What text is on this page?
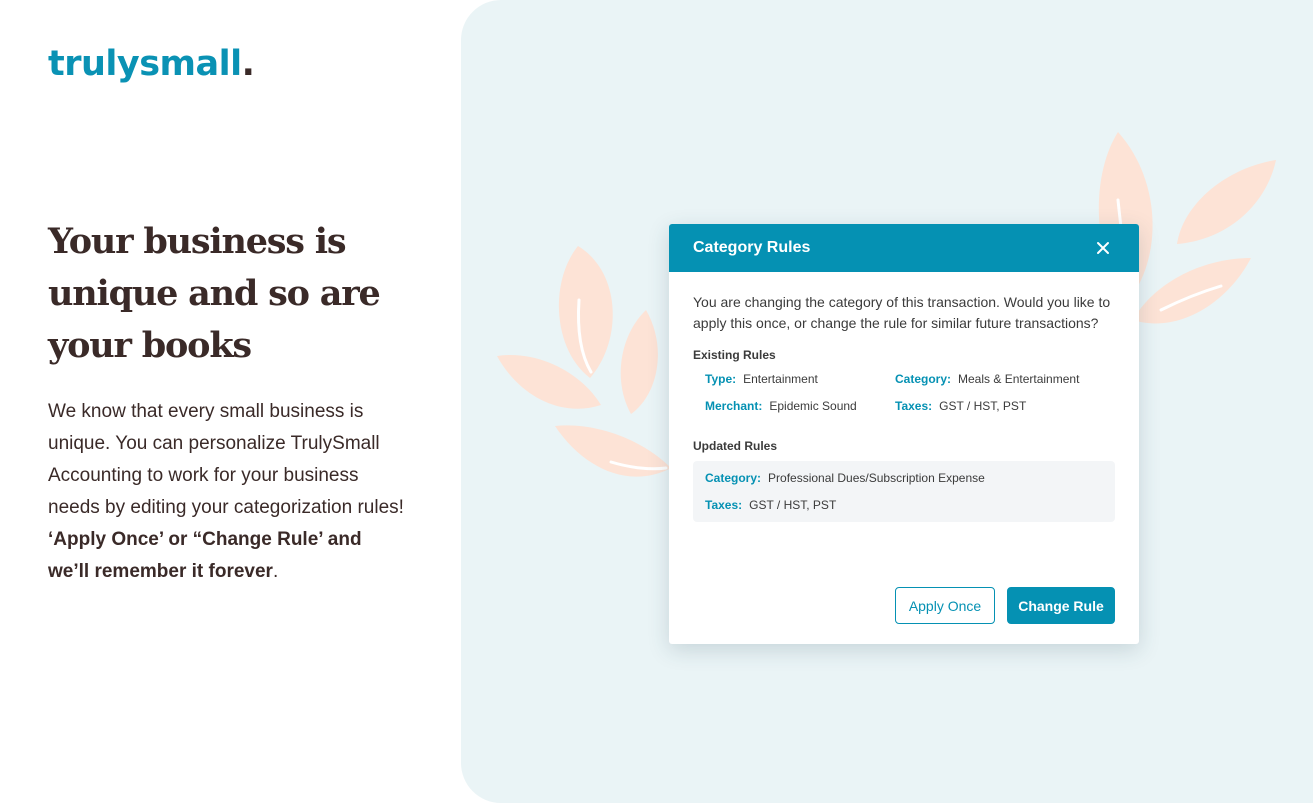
trulysmall.
Your business is
unique and so are
your books

We know that every small business is unique. You can personalize TrulySmall Accounting to work for your business needs by editing your categorization rules! ‘Apply Once’ or “Change Rule’ and we’ll remember it forever.

Category Rules

You are changing the category of this transaction. Would you like to apply this once, or change the rule for similar future transactions?

Existing Rules
Type: Entertainment	Category: Meals & Entertainment
Merchant: Epidemic Sound	Taxes: GST / HST, PST
Updated Rules
Category: Professional Dues/Subscription Expense
Taxes: GST / HST, PST
Apply Once	Change Rule
